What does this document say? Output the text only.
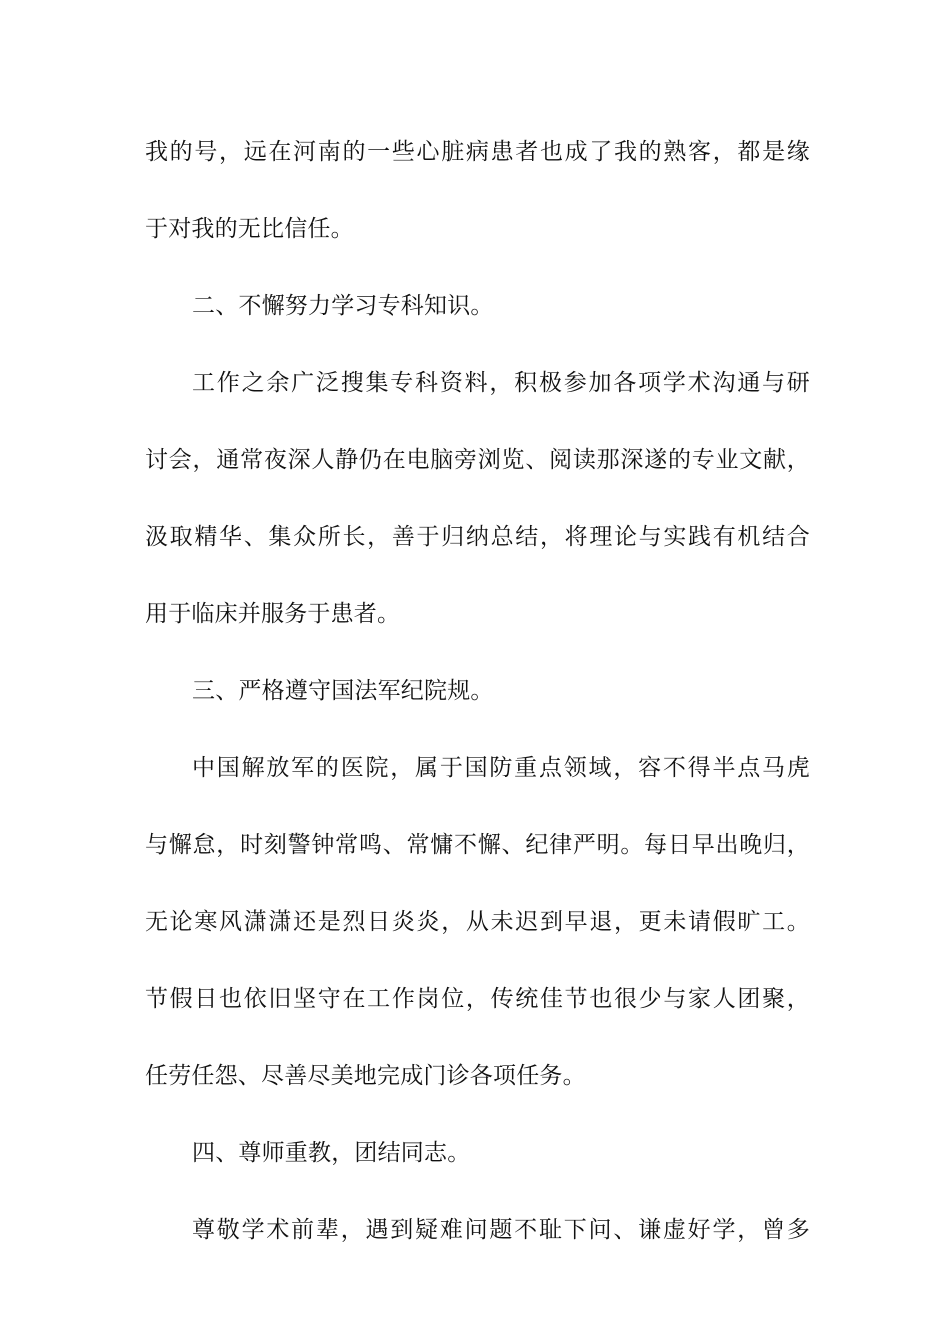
我的号，远在河南的一些心脏病患者也成了我的熟客，都是缘
于对我的无比信任。
二、不懈努力学习专科知识。
工作之余广泛搜集专科资料，积极参加各项学术沟通与研
讨会，通常夜深人静仍在电脑旁浏览、阅读那深遂的专业文献，
汲取精华、集众所长，善于归纳总结，将理论与实践有机结合
用于临床并服务于患者。
三、严格遵守国法军纪院规。
中国解放军的医院，属于国防重点领域，容不得半点马虎
与懈怠，时刻警钟常鸣、常慵不懈、纪律严明。每日早出晚归，
无论寒风潇潇还是烈日炎炎，从未迟到早退，更未请假旷工。
节假日也依旧坚守在工作岗位，传统佳节也很少与家人团聚，
任劳任怨、尽善尽美地完成门诊各项任务。
四、尊师重教，团结同志。
尊敬学术前辈，遇到疑难问题不耻下问、谦虚好学，曾多
